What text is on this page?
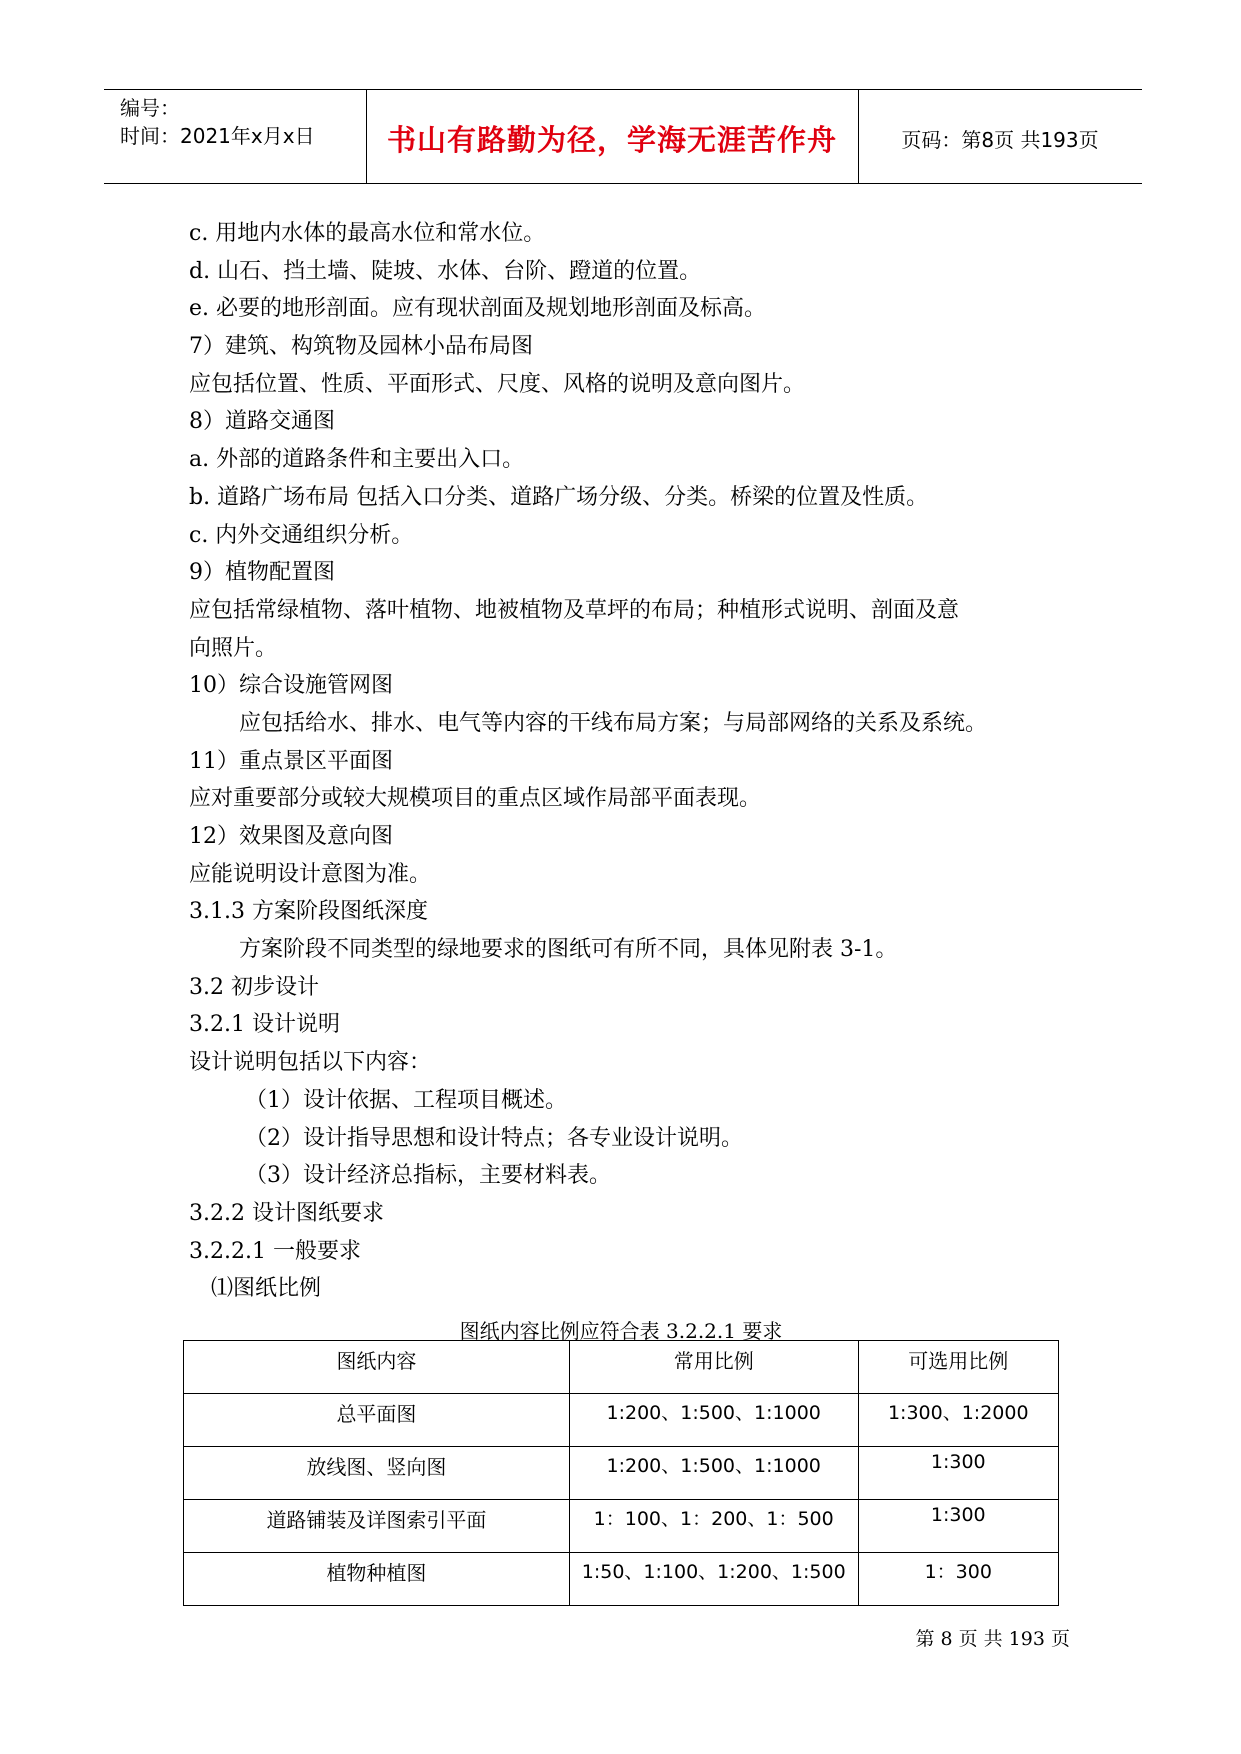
编号：
时间：2021年x月x日	书山有路勤为径，学海无涯苦作舟	页码：第8页 共193页
c. 用地内水体的最高水位和常水位。
d. 山石、挡土墙、陡坡、水体、台阶、蹬道的位置。
e. 必要的地形剖面。应有现状剖面及规划地形剖面及标高。
7）建筑、构筑物及园林小品布局图
应包括位置、性质、平面形式、尺度、风格的说明及意向图片。
8）道路交通图
a. 外部的道路条件和主要出入口。
b. 道路广场布局 包括入口分类、道路广场分级、分类。桥梁的位置及性质。
c. 内外交通组织分析。
9）植物配置图
应包括常绿植物、落叶植物、地被植物及草坪的布局；种植形式说明、剖面及意
向照片。
10）综合设施管网图
应包括给水、排水、电气等内容的干线布局方案；与局部网络的关系及系统。
11）重点景区平面图
应对重要部分或较大规模项目的重点区域作局部平面表现。
12）效果图及意向图
应能说明设计意图为准。
3.1.3 方案阶段图纸深度
方案阶段不同类型的绿地要求的图纸可有所不同，具体见附表 3-1。
3.2 初步设计
3.2.1 设计说明
设计说明包括以下内容：
（1）设计依据、工程项目概述。
（2）设计指导思想和设计特点；各专业设计说明。
（3）设计经济总指标，主要材料表。
3.2.2 设计图纸要求
3.2.2.1 一般要求
⑴图纸比例
图纸内容比例应符合表 3.2.2.1 要求
图纸内容	常用比例	可选用比例
总平面图	1:200、1:500、1:1000	1:300、1:2000
放线图、竖向图	1:200、1:500、1:1000	1:300
道路铺装及详图索引平面	1：100、1：200、1：500	1:300
植物种植图	1:50、1:100、1:200、1:500	1：300
第 8 页 共 193 页
